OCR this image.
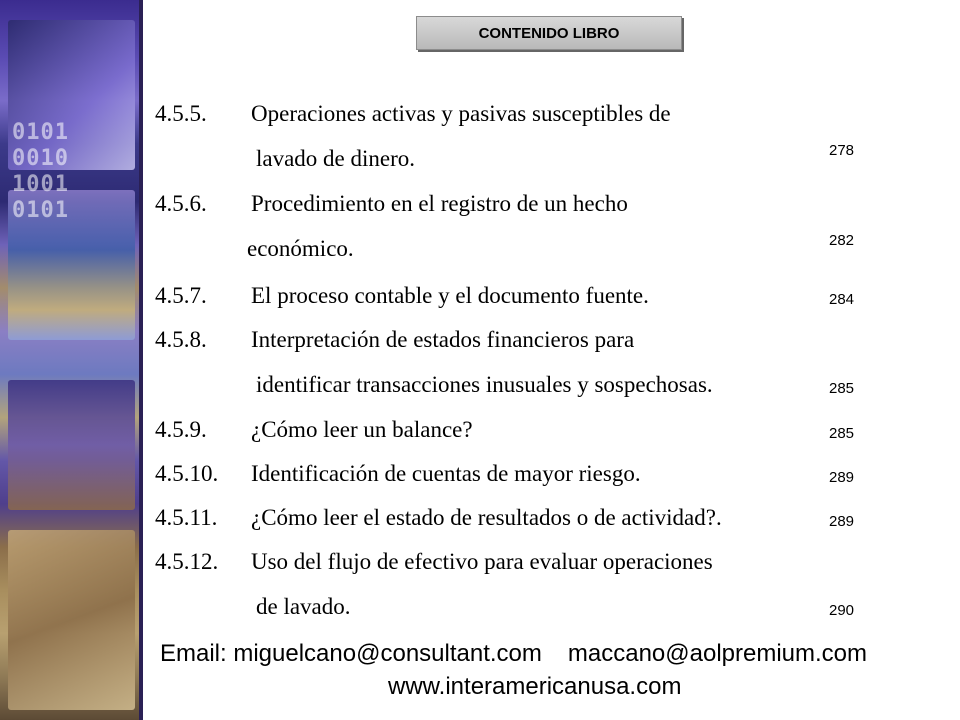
0101
0010
1001
0101
CONTENIDO LIBRO
4.5.5. Operaciones activas y pasivas susceptibles de
lavado de dinero.	278
4.5.6. Procedimiento en el registro de un hecho
económico.	282
4.5.7. El proceso contable y el documento fuente.	284
4.5.8. Interpretación de estados financieros para
identificar transacciones inusuales y sospechosas.	285
4.5.9. ¿Cómo leer un balance?	285
4.5.10. Identificación de cuentas de mayor riesgo.	289
4.5.11. ¿Cómo leer el estado de resultados o de actividad?.	289
4.5.12. Uso del flujo de efectivo para evaluar operaciones
de lavado.	290
Email: miguelcano@consultant.com maccano@aolpremium.com
www.interamericanusa.com
